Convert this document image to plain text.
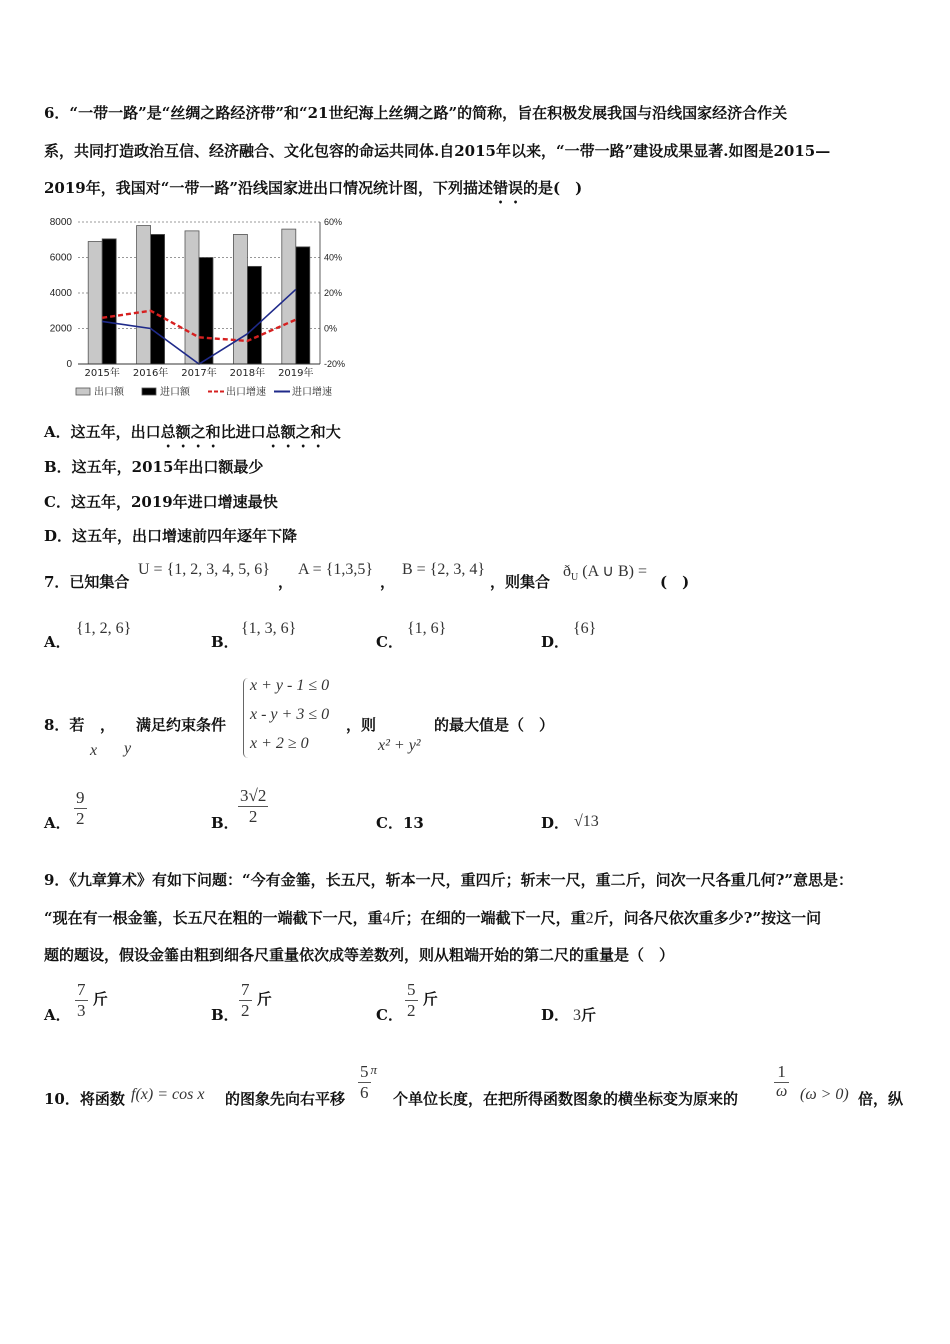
6．“一带一路”是“丝绸之路经济带”和“21世纪海上丝绸之路”的简称，旨在积极发展我国与沿线国家经济合作关
系，共同打造政治互信、经济融合、文化包容的命运共同体.自2015年以来，“一带一路”建设成果显著.如图是2015—
2019年，我国对“一带一路”沿线国家进出口情况统计图，下列描述错误的是(　)
0
2000
4000
6000
8000
-20%
0%
20%
40%
60%
2015年 2016年 2017年 2018年 2019年
出口额	进口额	出口增速	进口增速
A．这五年，出口总额之和比进口总额之和大
B．这五年，2015年出口额最少
C．这五年，2019年进口增速最快
D．这五年，出口增速前四年逐年下降
7．已知集合
U = {1, 2, 3, 4, 5, 6}
，
A = {1,3,5}
，
B = {2, 3, 4}
，则集合
$ð_U$ (A ∪ B) =
(　)
A．
{1, 2, 6}
B．
{1, 3, 6}
C．
{1, 6}
D．
{6}
8．若 ，
x y
满足约束条件
x + y - 1 ≤ 0
x - y + 3 ≤ 0
x + 2 ≥ 0
，则
x² + y²
的最大值是（　）
A． $\frac{9}{2}$	B． $\frac{3√2}{2}$	C．13	D． √13
9．《九章算术》有如下问题：“今有金箠，长五尺，斩本一尺，重四斤；斩末一尺，重二斤，问次一尺各重几何?”意思是：
“现在有一根金箠，长五尺在粗的一端截下一尺，重4斤；在细的一端截下一尺，重2斤，问各尺依次重多少?”按这一问
题的题设，假设金箠由粗到细各尺重量依次成等差数列，则从粗端开始的第二尺的重量是（　）
A． $\frac{7}{3}$ 斤
B． $\frac{7}{2}$ 斤
C． $\frac{5}{2}$ 斤
D． 3斤
10．将函数 f(x) = cos x 的图象先向右平移 $\frac{5}{6}$ π
个单位长度，在把所得函数图象的横坐标变为原来的 $\frac{1}{\omega} (\omega > 0)$ 倍，纵
